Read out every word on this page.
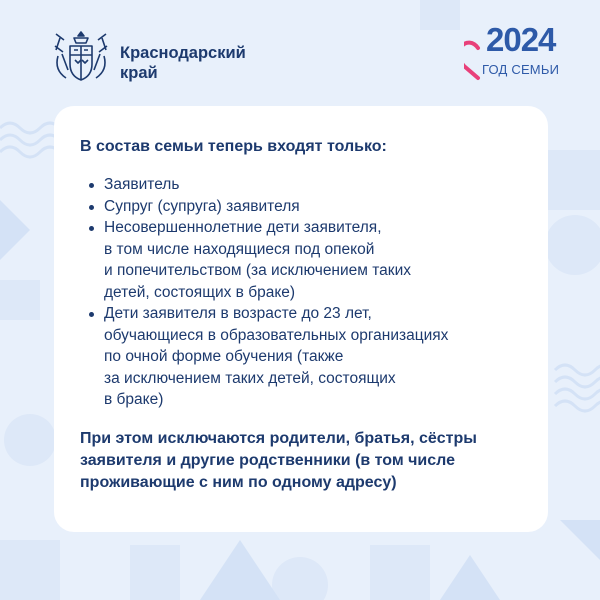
Краснодарский
край
2024
ГОД СЕМЬИ
В состав семьи теперь входят только:
Заявитель
Супруг (супруга) заявителя
Несовершеннолетние дети заявителя,
в том числе находящиеся под опекой
и попечительством (за исключением таких
детей, состоящих в браке)
Дети заявителя в возрасте до 23 лет,
обучающиеся в образовательных организациях
по очной форме обучения (также
за исключением таких детей, состоящих
в браке)
При этом исключаются родители, братья, сёстры
заявителя и другие родственники (в том числе
проживающие с ним по одному адресу)
